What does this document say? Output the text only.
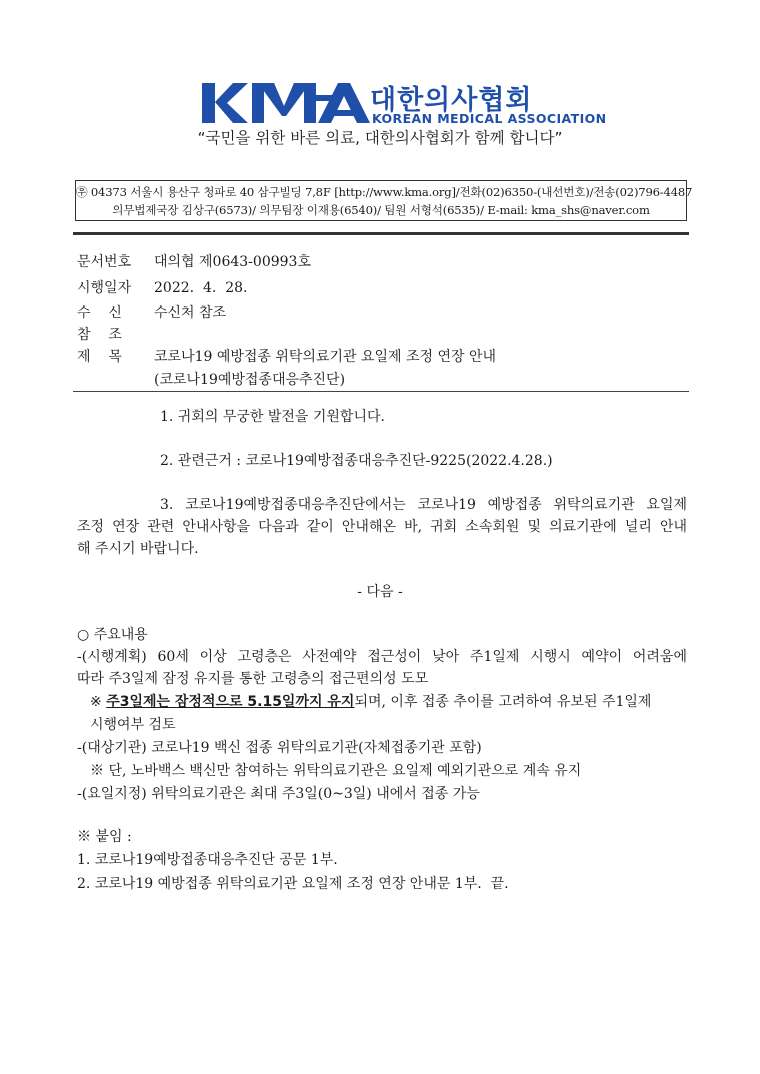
대한의사협회
KOREAN MEDICAL ASSOCIATION
“국민을 위한 바른 의료, 대한의사협회가 함께 합니다”
㉾ 04373 서울시 용산구 청파로 40 삼구빌딩 7,8F [http://www.kma.org]/전화(02)6350-(내선번호)/전송(02)796-4487
의무법제국장 김상구(6573)/ 의무팀장 이재용(6540)/ 팀원 서형석(6535)/ E-mail: kma_shs@naver.com
문서번호 대의협 제0643-00993호
시행일자 2022.  4.  28.
수    신 수신처 참조
참    조
제    목 코로나19 예방접종 위탁의료기관 요일제 조정 연장 안내
(코로나19예방접종대응추진단)
1. 귀회의 무궁한 발전을 기원합니다.
2. 관련근거 : 코로나19예방접종대응추진단-9225(2022.4.28.)
3. 코로나19예방접종대응추진단에서는 코로나19 예방접종 위탁의료기관 요일제
조정 연장 관련 안내사항을 다음과 같이 안내해온 바, 귀회 소속회원 및 의료기관에 널리 안내
해 주시기 바랍니다.
- 다음 -
○ 주요내용
-(시행계획) 60세 이상 고령층은 사전예약 접근성이 낮아 주1일제 시행시 예약이 어려움에
따라 주3일제 잠정 유지를 통한 고령층의 접근편의성 도모
※ 주3일제는 잠정적으로 5.15일까지 유지되며, 이후 접종 추이를 고려하여 유보된 주1일제
시행여부 검토
-(대상기관) 코로나19 백신 접종 위탁의료기관(자체접종기관 포함)
※ 단, 노바백스 백신만 참여하는 위탁의료기관은 요일제 예외기관으로 계속 유지
-(요일지정) 위탁의료기관은 최대 주3일(0~3일) 내에서 접종 가능
※ 붙임 :
1. 코로나19예방접종대응추진단 공문 1부.
2. 코로나19 예방접종 위탁의료기관 요일제 조정 연장 안내문 1부.  끝.
